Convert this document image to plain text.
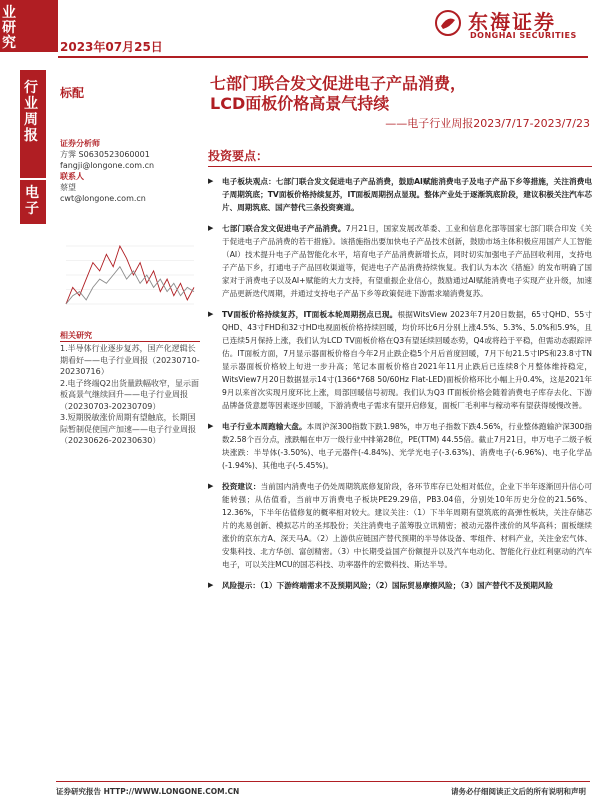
业研究	2023年07月25日
东海证券
DONGHAI SECURITIES
行业周报
电子
标配	七部门联合发文促进电子产品消费，
LCD面板价格高景气持续
——电子行业周报2023/7/17-2023/7/23
证券分析师
方霁 S0630523060001
fangji@longone.com.cn
联系人
蔡望
cwt@longone.com.cn
相关研究
1.半导体行业逐步复苏，国产化逻辑长期看好——电子行业周报（20230710-20230716）
2.电子终端Q2出货量跌幅收窄，显示面板高景气继续回升——电子行业周报（20230703-20230709）
3.短期脱敏涨价周期有望触底，长期国际暂制促使国产加速——电子行业周报（20230626-20230630）
投资要点：
▶ 电子板块观点：七部门联合发文促进电子产品消费，鼓励AI赋能消费电子及电子产品下乡等措施，关注消费电子周期筑底；TV面板价格持续复苏，IT面板周期拐点显现。整体产业处于逐渐筑底阶段，建议积极关注汽车芯片、周期筑底、国产替代三条投资赛道。
▶ 七部门联合发文促进电子产品消费。7月21日，国家发展改革委、工业和信息化部等国家七部门联合印发《关于促进电子产品消费的若干措施》。该措施指出要加快电子产品技术创新，鼓励市场主体积极应用国产人工智能（AI）技术提升电子产品智能化水平，培育电子产品消费新增长点，同时切实加强电子产品回收利用，支持电子产品下乡，打通电子产品回收渠道等，促进电子产品消费持续恢复。我们认为本次《措施》的发布明确了国家对于消费电子以及AI+赋能的大力支持，有望重振企业信心，鼓励通过AI赋能消费电子实现产业升级，加速产品更新迭代周期，并通过支持电子产品下乡等政策促进下游需求端消费复苏。
▶ TV面板价格持续复苏，IT面板本轮周期拐点已现。根据WitsView 2023年7月20日数据，65寸QHD、55寸QHD、43寸FHD和32寸HD电视面板价格持续回暖，均价环比6月分别上涨4.5%、5.3%、5.0%和5.9%，且已连续5月保持上涨，我们认为LCD TV面板价格在Q3有望延续回暖态势，Q4或将趋于平稳，但需动态跟踪评估。IT面板方面，7月显示器面板价格自今年2月止跌企稳5个月后首度回暖，7月下旬21.5寸IPS和23.8寸TN显示器面板价格较上旬进一步升高；笔记本面板价格自2021年11月止跌后已连续8个月整体维持稳定，WitsView7月20日数据显示14寸(1366*768 50/60Hz Flat-LED)面板价格环比小幅上升0.4%，这是2021年9月以来首次实现月度环比上涨，局部回暖信号初现。我们认为Q3 IT面板价格会随着消费电子库存去化、下游品牌备货意愿等因素逐步回暖，下游消费电子需求有望开启修复，面板厂毛利率与稼动率有望获得缓慢改善。
▶ 电子行业本周跑输大盘。本周沪深300指数下跌1.98%，申万电子指数下跌4.56%，行业整体跑输沪深300指数2.58个百分点，涨跌幅在申万一级行业中排第28位，PE(TTM) 44.55倍。截止7月21日，申万电子二级子板块涨跌：半导体(-3.50%)、电子元器件(-4.84%)、光学光电子(-3.63%)、消费电子(-6.96%)、电子化学品(-1.94%)、其他电子(-5.45%)。
▶ 投资建议：当前国内消费电子仍处周期筑底修复阶段，各环节库存已处相对低位，企业下半年逐渐回升信心可能转强；从估值看，当前申万消费电子板块PE29.29倍，PB3.04倍，分别处10年历史分位的21.56%、12.36%，下半年估值修复的概率相对较大。建议关注：（1）下半年周期有望筑底的高弹性板块，关注存储芯片的兆易创新、模拟芯片的圣邦股份；关注消费电子蓝筹股立讯精密；被动元器件涨价的风华高科；面板继续涨价的京东方A、深天马A。（2）上游供应链国产替代预期的半导体设备、零组件、材料产业，关注金宏气体、安集科技、北方华创、富创精密。（3）中长期受益国产份额提升以及汽车电动化、智能化行业红利驱动的汽车电子，可以关注MCU的国芯科技、功率器件的宏微科技、斯达半导。
▶ 风险提示：（1）下游终端需求不及预期风险；（2）国际贸易摩擦风险；（3）国产替代不及预期风险
证券研究报告 HTTP://WWW.LONGONE.COM.CN	请务必仔细阅读正文后的所有说明和声明
